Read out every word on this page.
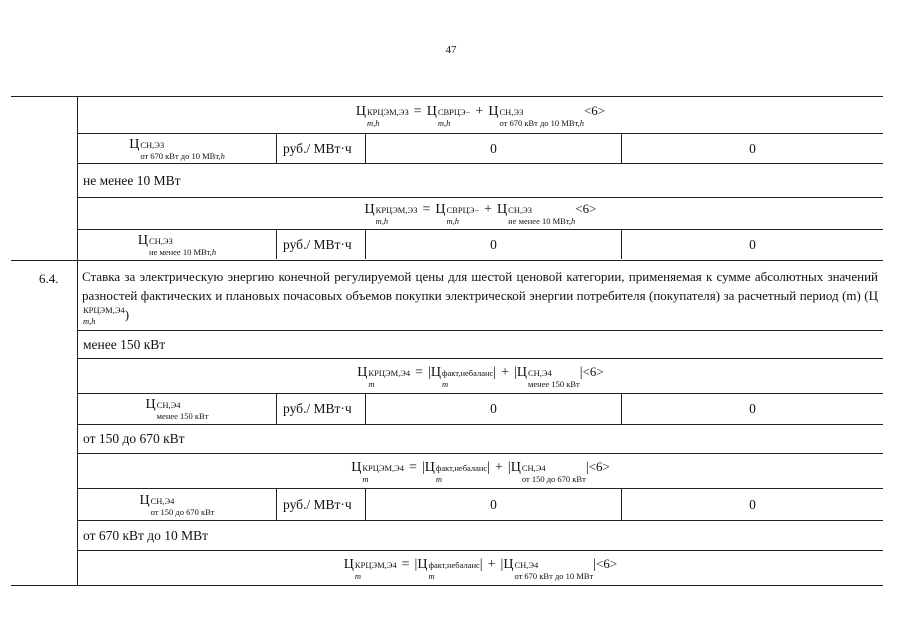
47
Ц КРЦЭМ,ЭЗ
m,h
= Ц СВРЦЭ−
m,h
+ Ц СН,ЭЗ
от 670 кВт до 10 МВт,h
<6>
Ц СН,ЭЗ
от 670 кВт до 10 МВт,h	руб./ МВт·ч	0	0
не менее 10 МВт
Ц КРЦЭМ,ЭЗ
m,h
= Ц СВРЦЭ−
m,h
+ Ц СН,ЭЗ
не менее 10 МВт,h
<6>
Ц СН,ЭЗ
не менее 10 МВт,h	руб./ МВт·ч	0	0
6.4.	Ставка за электрическую энергию конечной регулируемой цены для шестой ценовой категории, применяемая к сумме абсолютных значений разностей фактических и плановых почасовых объемов покупки электрической энергии потребителя (покупателя) за расчетный период (m) (Ц
КРЦЭМ,Э4
m,h	)
менее 150 кВт
Ц КРЦЭМ,Э4
m
= | Ц факт,небаланс
m
| + | Ц СН,Э4
менее 150 кВт
| <6>
Ц СН,Э4
менее 150 кВт	руб./ МВт·ч	0	0
от 150 до 670 кВт
Ц КРЦЭМ,Э4
m
= | Ц факт,небаланс
m
| + | Ц СН,Э4
от 150 до 670 кВт
| <6>
Ц СН,Э4
от 150 до 670 кВт	руб./ МВт·ч	0	0
от 670 кВт до 10 МВт
Ц КРЦЭМ,Э4
m
= | Ц факт,небаланс
m
| + | Ц СН,Э4
от 670 кВт до 10 МВт
| <6>
